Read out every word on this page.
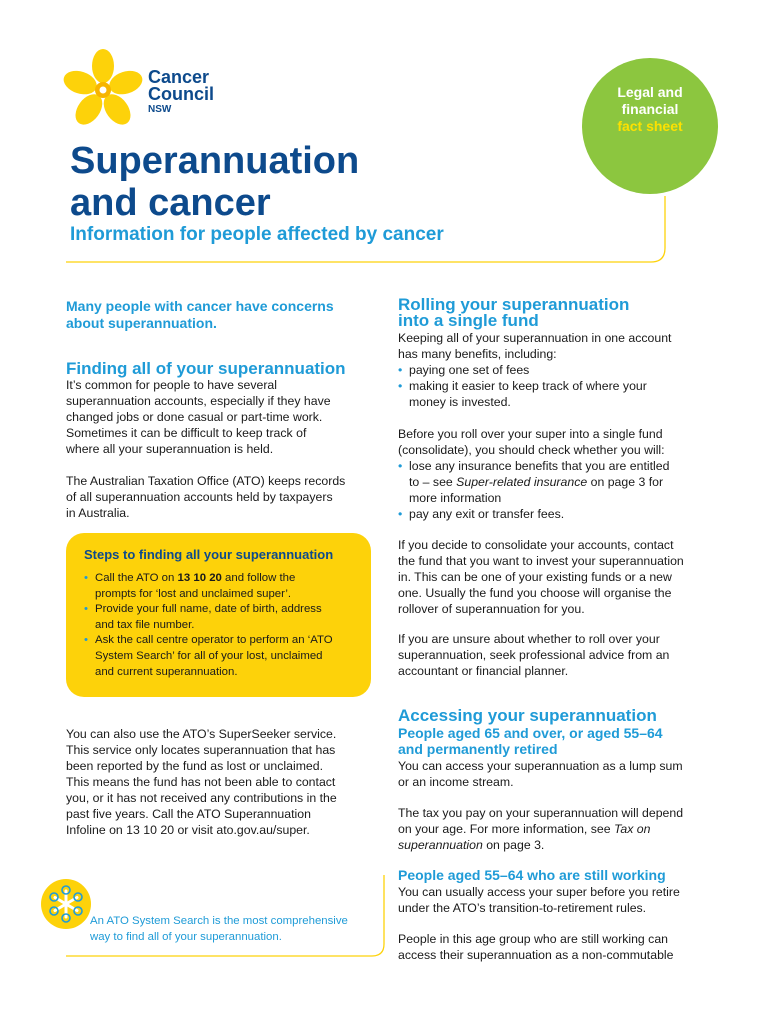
Cancer
Council
NSW
Legal and
financial
fact sheet
Superannuation
and cancer
Information for people affected by cancer
Many people with cancer have concerns
about superannuation.
Finding all of your superannuation
It’s common for people to have several
superannuation accounts, especially if they have
changed jobs or done casual or part-time work.
Sometimes it can be difficult to keep track of
where all your superannuation is held.
The Australian Taxation Office (ATO) keeps records
of all superannuation accounts held by taxpayers
in Australia.
Steps to finding all your superannuation
• Call the ATO on 13 10 20 and follow the
prompts for ‘lost and unclaimed super’.
• Provide your full name, date of birth, address
and tax file number.
• Ask the call centre operator to perform an ‘ATO
System Search’ for all of your lost, unclaimed
and current superannuation.
You can also use the ATO’s SuperSeeker service.
This service only locates superannuation that has
been reported by the fund as lost or unclaimed.
This means the fund has not been able to contact
you, or it has not received any contributions in the
past five years. Call the ATO Superannuation
Infoline on 13 10 20 or visit ato.gov.au/super.
An ATO System Search is the most comprehensive
way to find all of your superannuation.
Rolling your superannuation
into a single fund
Keeping all of your superannuation in one account
has many benefits, including:
• paying one set of fees
• making it easier to keep track of where your
money is invested.
Before you roll over your super into a single fund
(consolidate), you should check whether you will:
• lose any insurance benefits that you are entitled
to – see Super-related insurance on page 3 for
more information
• pay any exit or transfer fees.
If you decide to consolidate your accounts, contact
the fund that you want to invest your superannuation
in. This can be one of your existing funds or a new
one. Usually the fund you choose will organise the
rollover of superannuation for you.
If you are unsure about whether to roll over your
superannuation, seek professional advice from an
accountant or financial planner.
Accessing your superannuation
People aged 65 and over, or aged 55–64
and permanently retired
You can access your superannuation as a lump sum
or an income stream.
The tax you pay on your superannuation will depend
on your age. For more information, see Tax on
superannuation on page 3.
People aged 55–64 who are still working
You can usually access your super before you retire
under the ATO’s transition-to-retirement rules.
People in this age group who are still working can
access their superannuation as a non-commutable
